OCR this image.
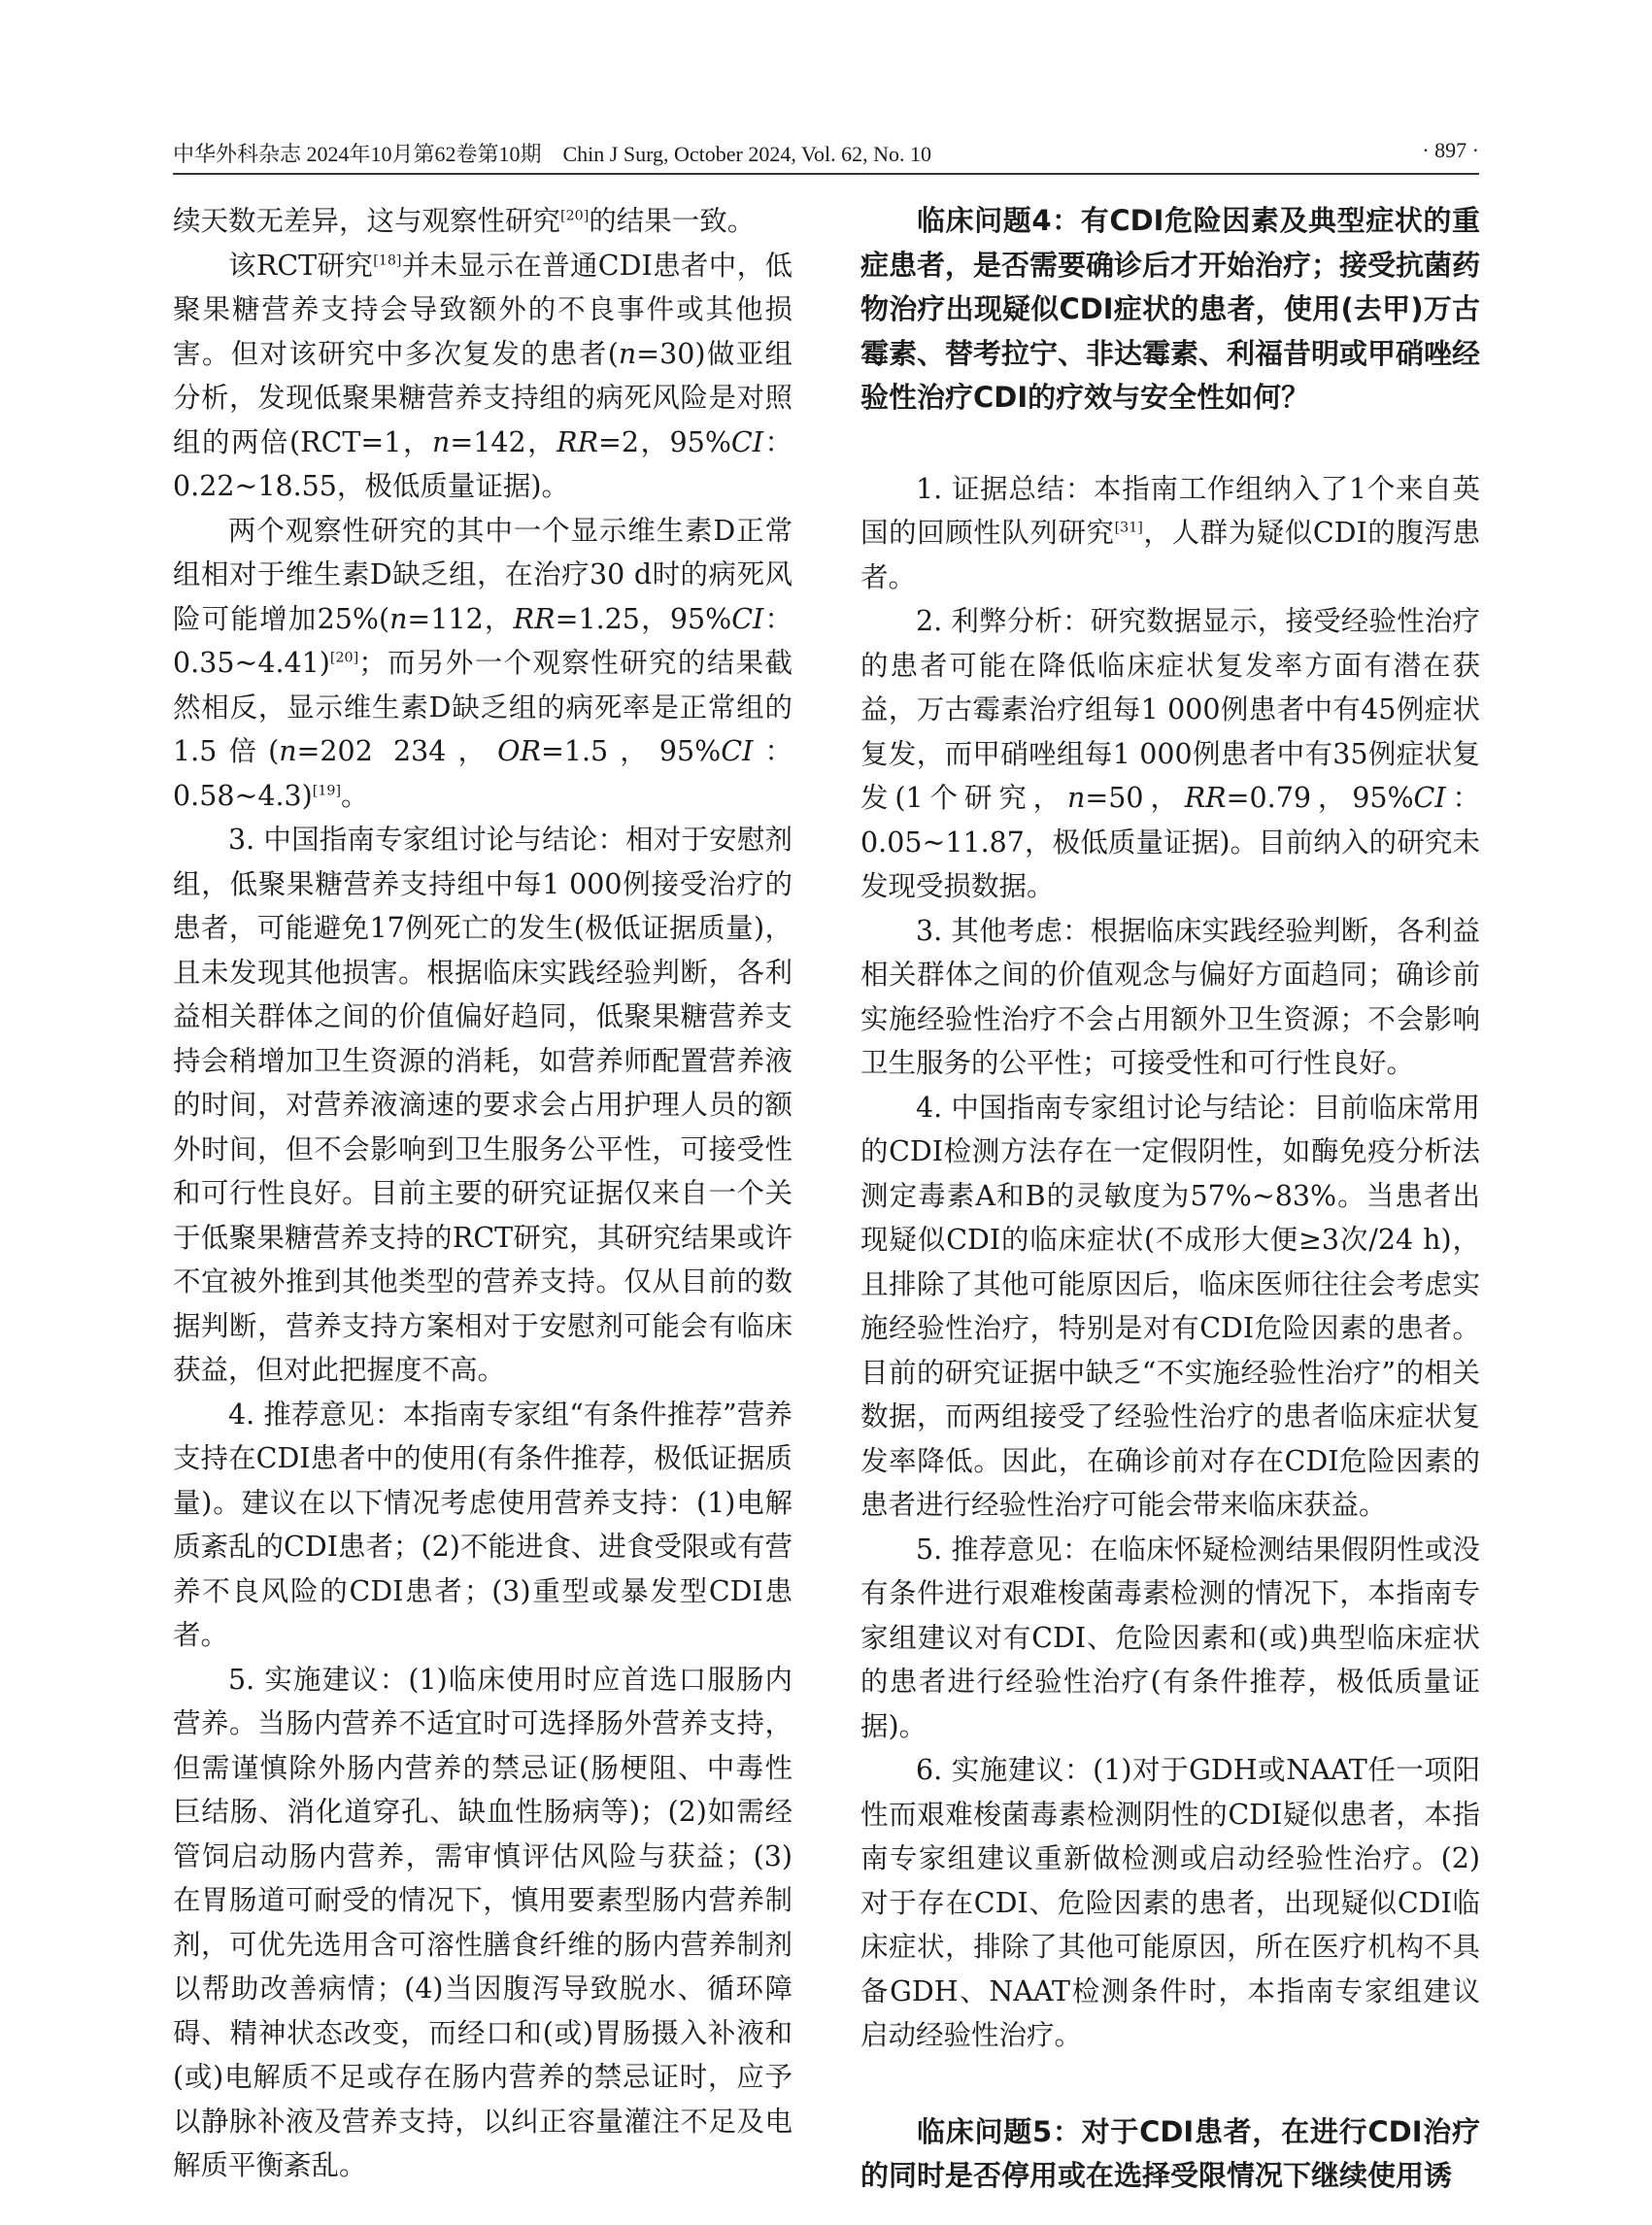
中华外科杂志 2024年10月第62卷第10期　Chin J Surg, October 2024, Vol. 62, No. 10	· 897 ·

续天数无差异，这与观察性研究[20]的结果一致。

该RCT研究[18]并未显示在普通CDI患者中，低聚果糖营养支持会导致额外的不良事件或其他损害。但对该研究中多次复发的患者(n=30)做亚组分析，发现低聚果糖营养支持组的病死风险是对照组的两倍(RCT=1，n=142，RR=2，95%CI：0.22~18.55，极低质量证据)。

两个观察性研究的其中一个显示维生素D正常组相对于维生素D缺乏组，在治疗30 d时的病死风险可能增加25%(n=112，RR=1.25，95%CI：0.35~4.41)[20]；而另外一个观察性研究的结果截然相反，显示维生素D缺乏组的病死率是正常组的1.5倍(n=202 234，OR=1.5，95%CI：0.58~4.3)[19]。

3. 中国指南专家组讨论与结论：相对于安慰剂组，低聚果糖营养支持组中每1 000例接受治疗的患者，可能避免17例死亡的发生(极低证据质量)，且未发现其他损害。根据临床实践经验判断，各利益相关群体之间的价值偏好趋同，低聚果糖营养支持会稍增加卫生资源的消耗，如营养师配置营养液的时间，对营养液滴速的要求会占用护理人员的额外时间，但不会影响到卫生服务公平性，可接受性和可行性良好。目前主要的研究证据仅来自一个关于低聚果糖营养支持的RCT研究，其研究结果或许不宜被外推到其他类型的营养支持。仅从目前的数据判断，营养支持方案相对于安慰剂可能会有临床获益，但对此把握度不高。

4. 推荐意见：本指南专家组“有条件推荐”营养支持在CDI患者中的使用(有条件推荐，极低证据质量)。建议在以下情况考虑使用营养支持：(1)电解质紊乱的CDI患者；(2)不能进食、进食受限或有营养不良风险的CDI患者；(3)重型或暴发型CDI患者。

5. 实施建议：(1)临床使用时应首选口服肠内营养。当肠内营养不适宜时可选择肠外营养支持，但需谨慎除外肠内营养的禁忌证(肠梗阻、中毒性巨结肠、消化道穿孔、缺血性肠病等)；(2)如需经管饲启动肠内营养，需审慎评估风险与获益；(3)在胃肠道可耐受的情况下，慎用要素型肠内营养制剂，可优先选用含可溶性膳食纤维的肠内营养制剂以帮助改善病情；(4)当因腹泻导致脱水、循环障碍、精神状态改变，而经口和(或)胃肠摄入补液和(或)电解质不足或存在肠内营养的禁忌证时，应予以静脉补液及营养支持，以纠正容量灌注不足及电解质平衡紊乱。

临床问题4：有CDI危险因素及典型症状的重症患者，是否需要确诊后才开始治疗；接受抗菌药物治疗出现疑似CDI症状的患者，使用(去甲)万古霉素、替考拉宁、非达霉素、利福昔明或甲硝唑经验性治疗CDI的疗效与安全性如何？

1. 证据总结：本指南工作组纳入了1个来自英国的回顾性队列研究[31]，人群为疑似CDI的腹泻患者。

2. 利弊分析：研究数据显示，接受经验性治疗的患者可能在降低临床症状复发率方面有潜在获益，万古霉素治疗组每1 000例患者中有45例症状复发，而甲硝唑组每1 000例患者中有35例症状复发(1个研究，n=50，RR=0.79，95%CI：0.05~11.87，极低质量证据)。目前纳入的研究未发现受损数据。

3. 其他考虑：根据临床实践经验判断，各利益相关群体之间的价值观念与偏好方面趋同；确诊前实施经验性治疗不会占用额外卫生资源；不会影响卫生服务的公平性；可接受性和可行性良好。

4. 中国指南专家组讨论与结论：目前临床常用的CDI检测方法存在一定假阴性，如酶免疫分析法测定毒素A和B的灵敏度为57%~83%。当患者出现疑似CDI的临床症状(不成形大便≥3次/24 h)，且排除了其他可能原因后，临床医师往往会考虑实施经验性治疗，特别是对有CDI危险因素的患者。目前的研究证据中缺乏“不实施经验性治疗”的相关数据，而两组接受了经验性治疗的患者临床症状复发率降低。因此，在确诊前对存在CDI危险因素的患者进行经验性治疗可能会带来临床获益。

5. 推荐意见：在临床怀疑检测结果假阴性或没有条件进行艰难梭菌毒素检测的情况下，本指南专家组建议对有CDI、危险因素和(或)典型临床症状的患者进行经验性治疗(有条件推荐，极低质量证据)。

6. 实施建议：(1)对于GDH或NAAT任一项阳性而艰难梭菌毒素检测阴性的CDI疑似患者，本指南专家组建议重新做检测或启动经验性治疗。(2)对于存在CDI、危险因素的患者，出现疑似CDI临床症状，排除了其他可能原因，所在医疗机构不具备GDH、NAAT检测条件时，本指南专家组建议启动经验性治疗。

临床问题5：对于CDI患者，在进行CDI治疗的同时是否停用或在选择受限情况下继续使用诱
